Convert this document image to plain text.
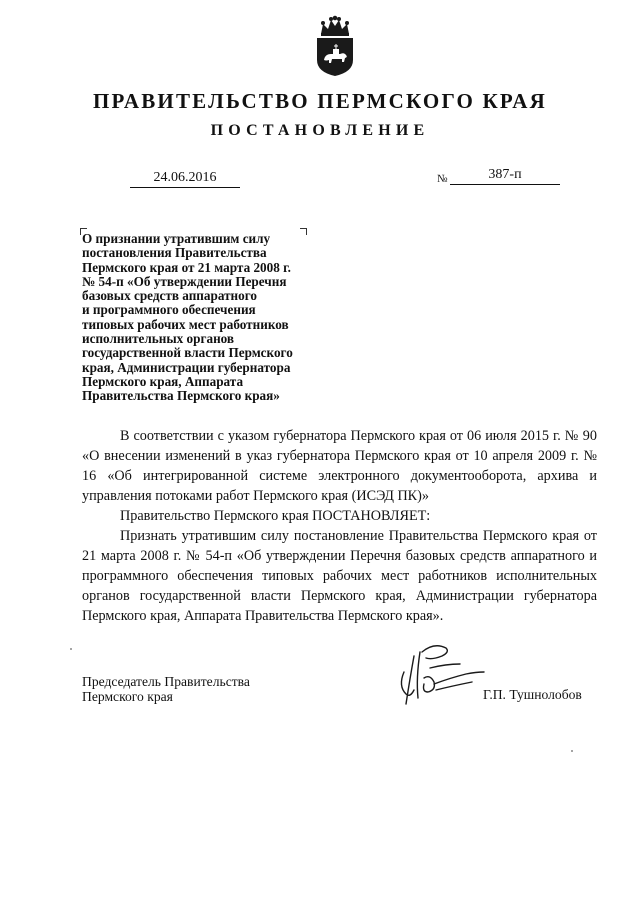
ПРАВИТЕЛЬСТВО ПЕРМСКОГО КРАЯ
ПОСТАНОВЛЕНИЕ
24.06.2016	№	387-п
О признании утратившим силу
постановления Правительства
Пермского края от 21 марта 2008 г.
№ 54-п «Об утверждении Перечня
базовых средств аппаратного
и программного обеспечения
типовых рабочих мест работников
исполнительных органов
государственной власти Пермского
края, Администрации губернатора
Пермского края, Аппарата
Правительства Пермского края»

В соответствии с указом губернатора Пермского края от 06 июля 2015 г. № 90 «О внесении изменений в указ губернатора Пермского края от 10 апреля 2009 г. № 16 «Об интегрированной системе электронного документооборота, архива и управления потоками работ Пермского края (ИСЭД ПК)»

Правительство Пермского края ПОСТАНОВЛЯЕТ:

Признать утратившим силу постановление Правительства Пермского края от 21 марта 2008 г. № 54-п «Об утверждении Перечня базовых средств аппаратного и программного обеспечения типовых рабочих мест работников исполнительных органов государственной власти Пермского края, Администрации губернатора Пермского края, Аппарата Правительства Пермского края».

Председатель Правительства
Пермского края	Г.П. Тушнолобов
